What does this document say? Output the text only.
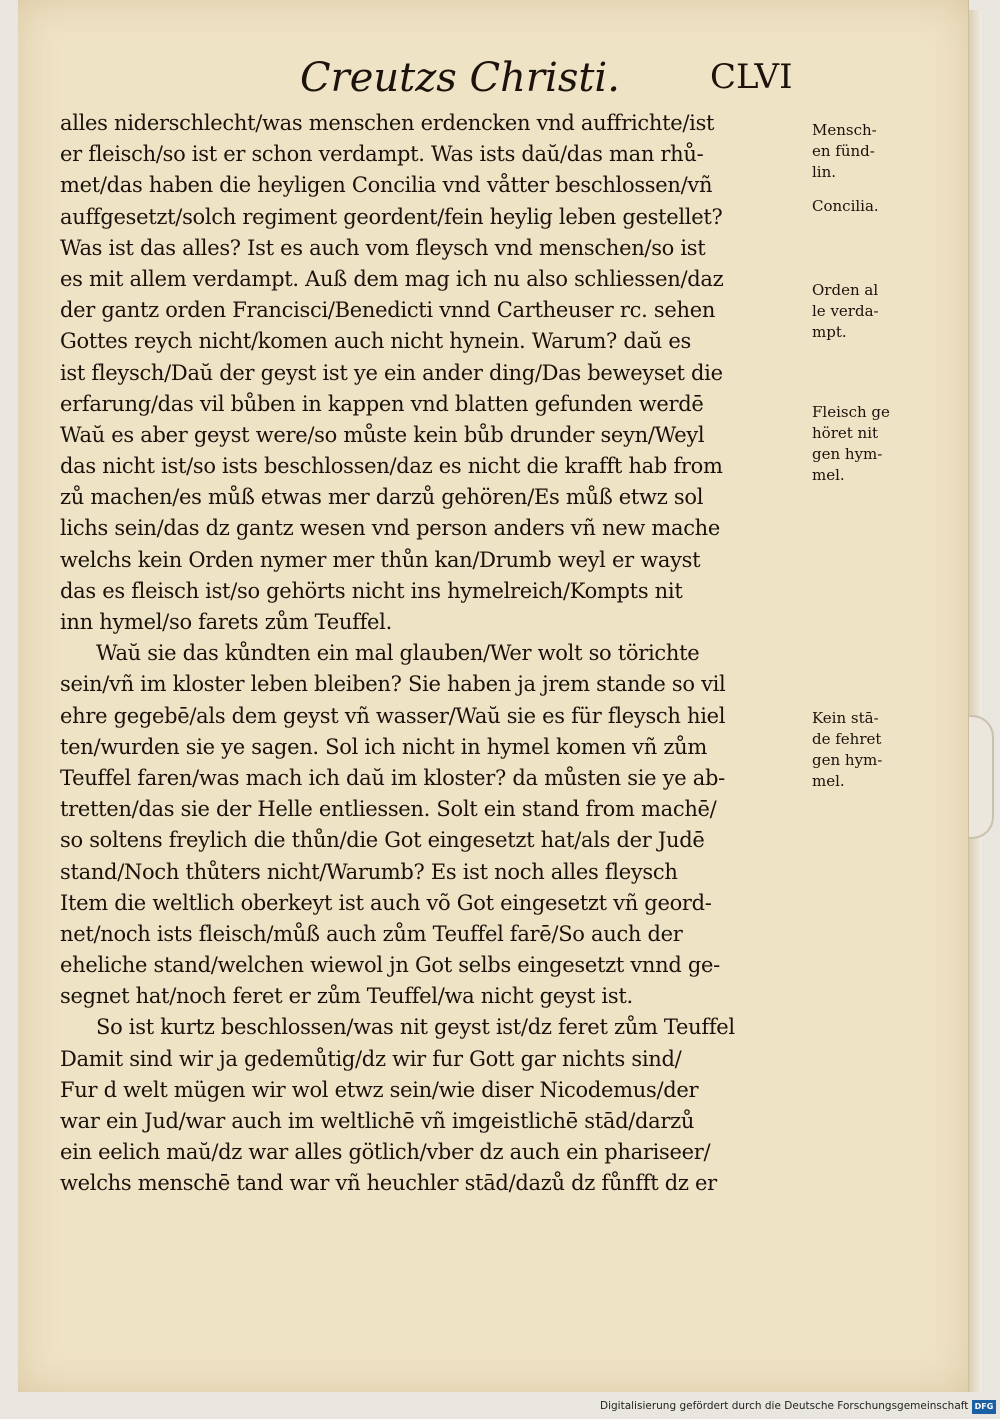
Creutzs Christi.	CLVI
alles niderschlecht/was menschen erdencken vnd auffrichte/ist
er fleisch/so ist er schon verdampt. Was ists daŭ/das man rhů-
met/das haben die heyligen Concilia vnd våtter beschlossen/vñ
auffgesetzt/solch regiment geordent/fein heylig leben gestellet?
Was ist das alles? Ist es auch vom fleysch vnd menschen/so ist
es mit allem verdampt. Auß dem mag ich nu also schliessen/daz
der gantz orden Francisci/Benedicti vnnd Carthеuser rc. sehen
Gottes reych nicht/komen auch nicht hynein. Warum? daŭ es
ist fleysch/Daŭ der geyst ist ye ein ander ding/Das beweyset die
erfarung/das vil bůben in kappen vnd blatten gefunden werdē
Waŭ es aber geyst were/so můste kein bůb drunder seyn/Weyl
das nicht ist/so ists beschlossen/daz es nicht die krafft hab from
zů machen/es můß etwas mer darzů gehören/Es můß etwz sol
lichs sein/das dz gantz wesen vnd person anders vñ new mache
welchs kein Orden nymer mer thůn kan/Drumb weyl er wayst
das es fleisch ist/so gehörts nicht ins hymelreich/Kompts nit
inn hymel/so farets zům Teuffel.
Waŭ sie das kůndten ein mal glauben/Wer wolt so törichte
sein/vñ im kloster leben bleiben? Sie haben ja jrem stande so vil
ehre gegebē/als dem geyst vñ wasser/Waŭ sie es für fleysch hiel
ten/wurden sie ye sagen. Sol ich nicht in hymel komen vñ zům
Teuffel faren/was mach ich daŭ im kloster? da můsten sie ye ab-
tretten/das sie der Helle entliessen. Solt ein stand from machē/
so soltens freylich die thůn/die Got eingesetzt hat/als der Judē
stand/Noch thůters nicht/Warumb? Es ist noch alles fleysch
Item die weltlich oberkeyt ist auch võ Got eingesetzt vñ geord-
net/noch ists fleisch/můß auch zům Teuffel farē/So auch der
eheliche stand/welchen wiewol jn Got selbs eingesetzt vnnd ge-
segnet hat/noch feret er zům Teuffel/wa nicht geyst ist.
So ist kurtz beschlossen/was nit geyst ist/dz feret zům Teuffel
Damit sind wir ja gedemůtig/dz wir fur Gott gar nichts sind/
Fur d welt mügen wir wol etwz sein/wie diser Nicodemus/der
war ein Jud/war auch im weltlichē vñ imgeistlichē stād/darzů
ein eelich maŭ/dz war alles götlich/vber dz auch ein phariseer/
welchs menschē tand war vñ heuchler stād/dazů dz fůnfft dz er
Mensch-
en fünd-
lin.
Concilia.
Orden al
le verda-
mpt.
Fleisch ge
höret nit
gen hym-
mel.
Kein stā-
de fehret
gen hym-
mel.
Digitalisierung gefördert durch die Deutsche Forschungsgemeinschaft DFG
